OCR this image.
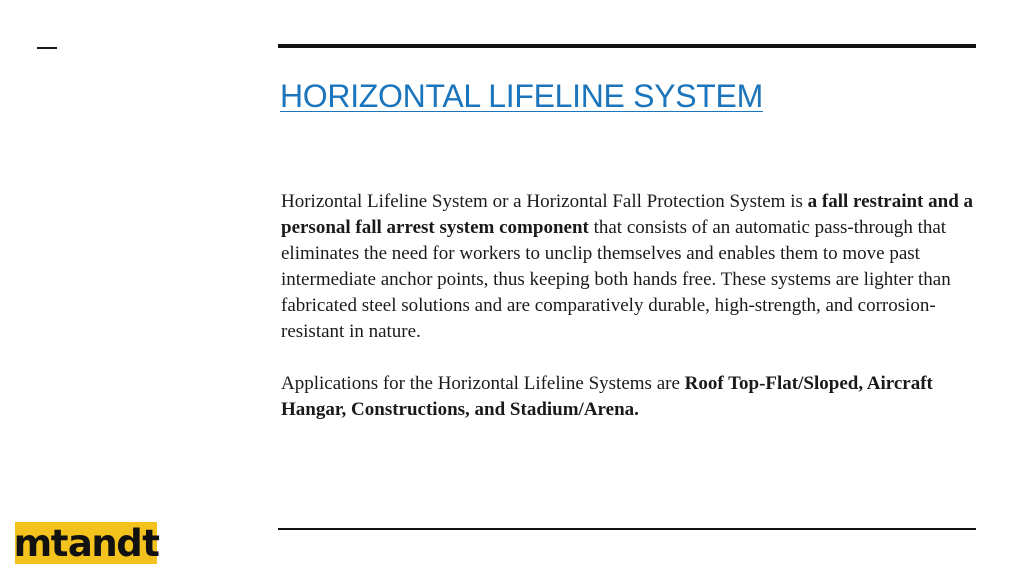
HORIZONTAL LIFELINE SYSTEM

Horizontal Lifeline System or a Horizontal Fall Protection System is a fall restraint and a personal fall arrest system component that consists of an automatic pass-through that eliminates the need for workers to unclip themselves and enables them to move past intermediate anchor points, thus keeping both hands free. These systems are lighter than fabricated steel solutions and are comparatively durable, high-strength, and corrosion-resistant in nature.

Applications for the Horizontal Lifeline Systems are Roof Top-Flat/Sloped, Aircraft Hangar, Constructions, and Stadium/Arena.

mt and t
